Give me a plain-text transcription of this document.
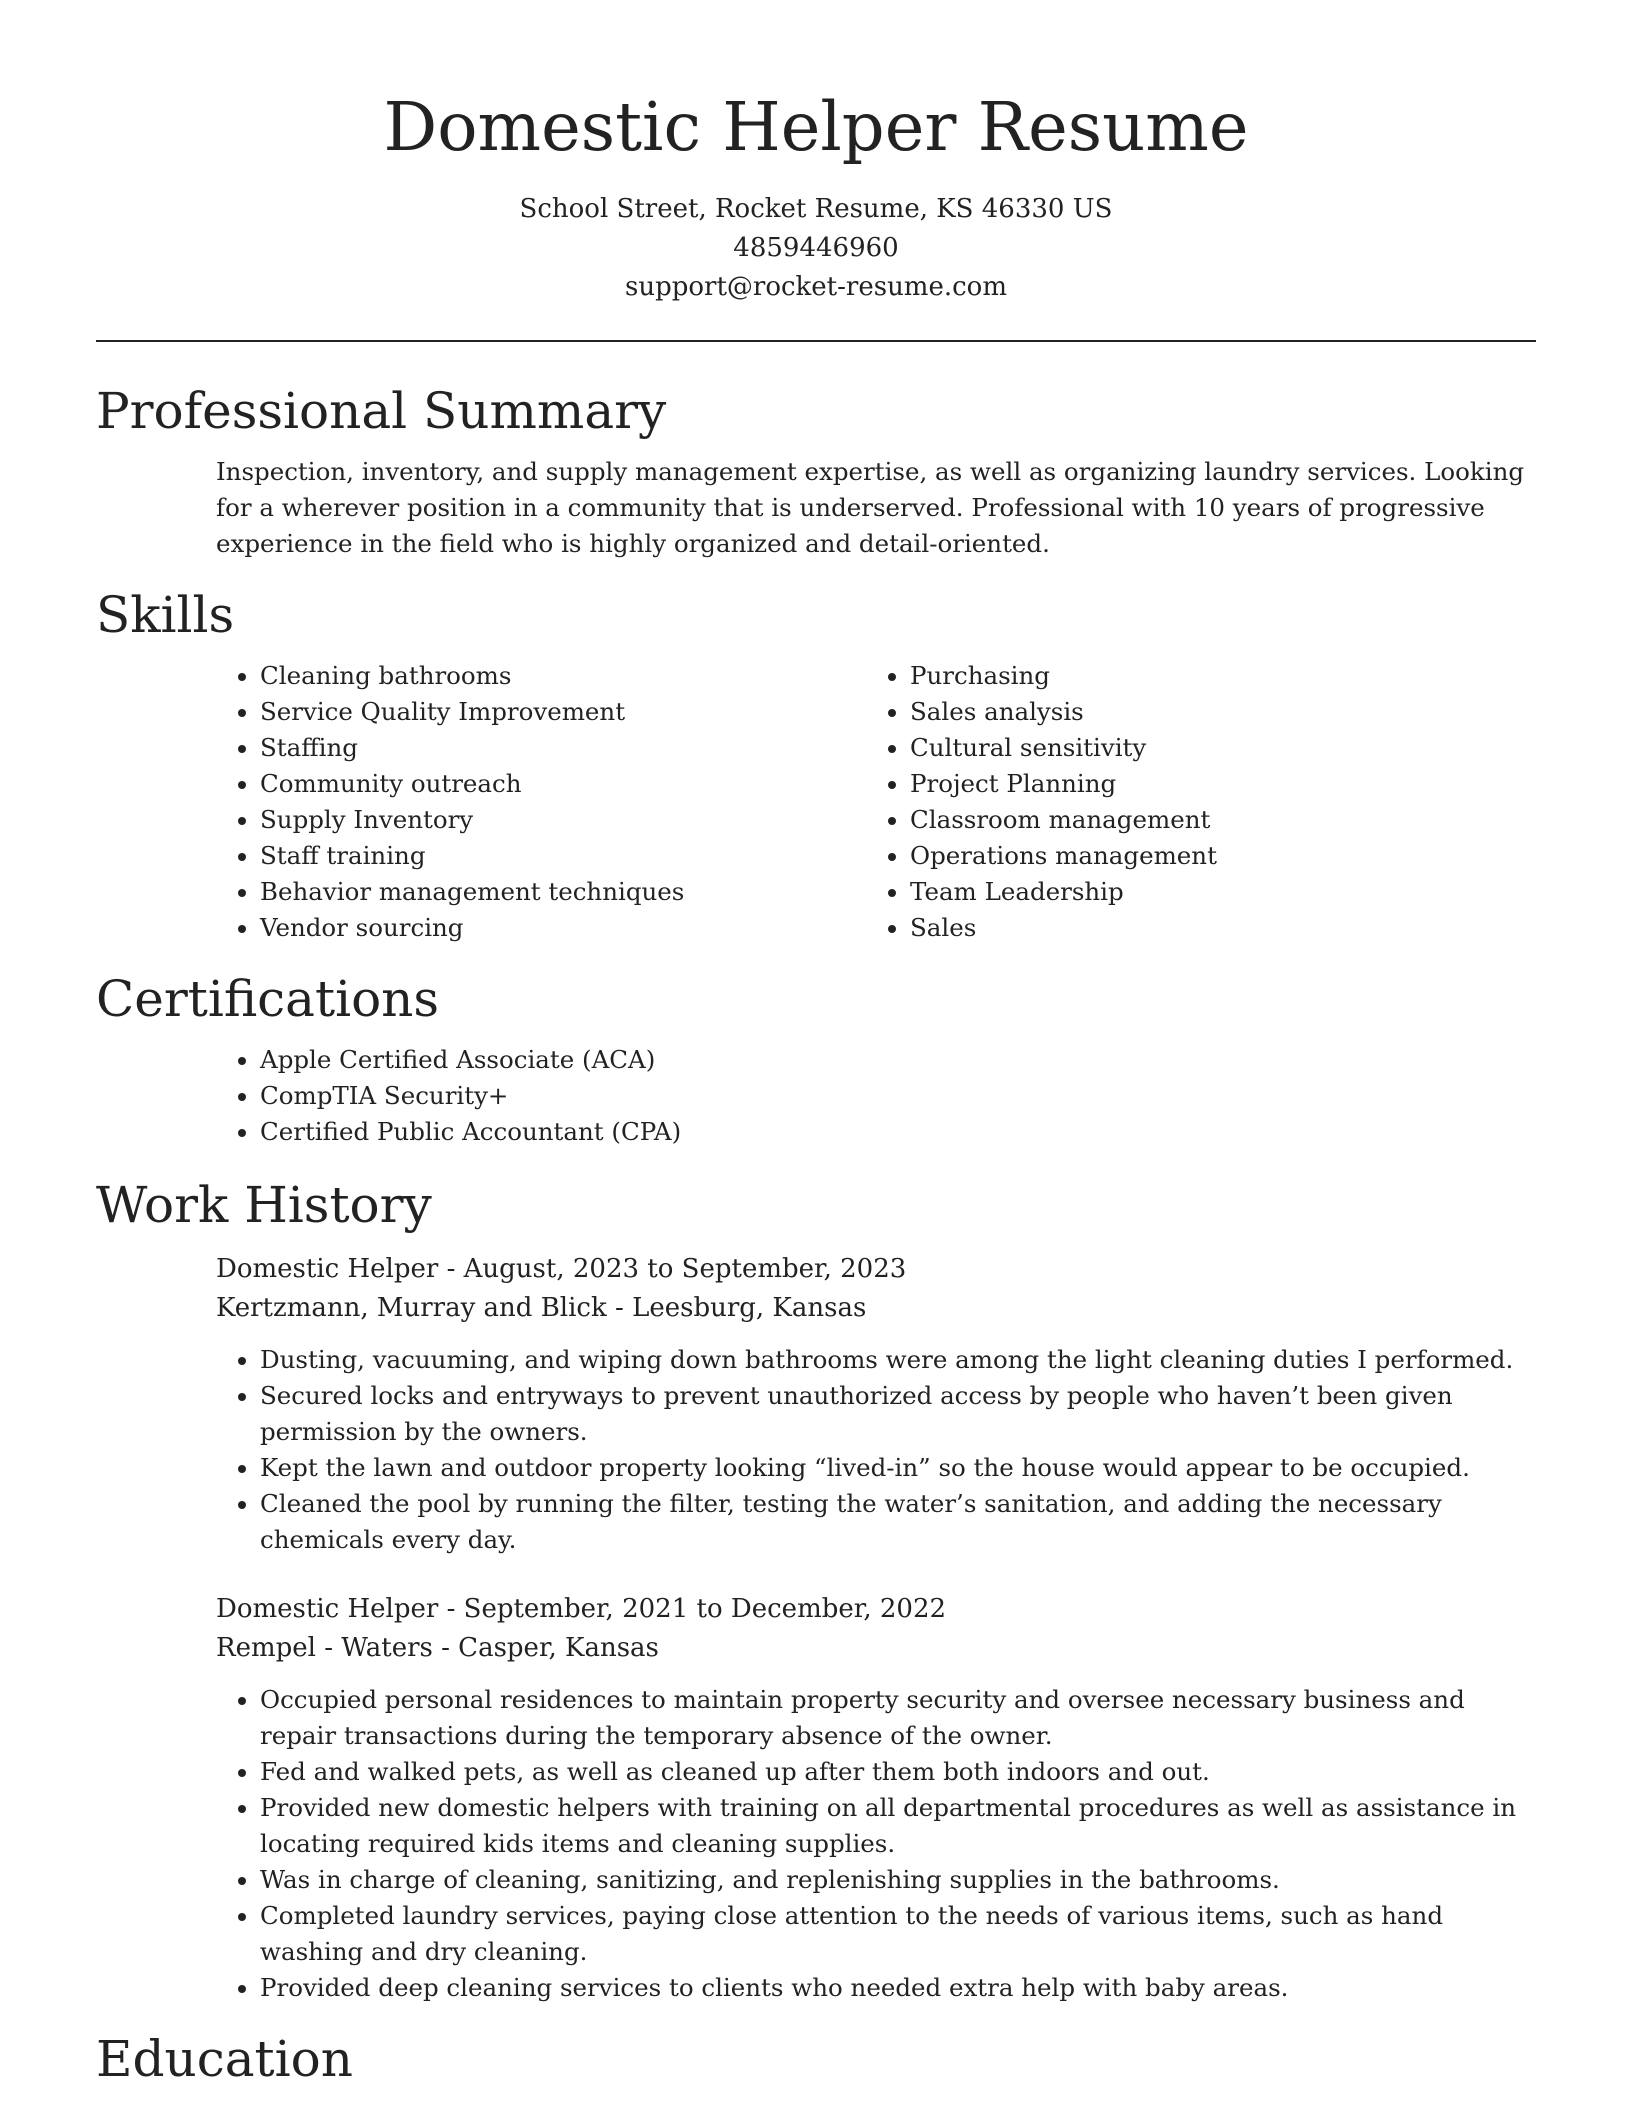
Domestic Helper Resume
School Street, Rocket Resume, KS 46330 US
4859446960
support@rocket-resume.com
Professional Summary

Inspection, inventory, and supply management expertise, as well as organizing laundry services. Looking for a wherever position in a community that is underserved. Professional with 10 years of progressive experience in the field who is highly organized and detail-oriented.

Skills
• Cleaning bathrooms
• Service Quality Improvement
• Staffing
• Community outreach
• Supply Inventory
• Staff training
• Behavior management techniques
• Vendor sourcing
• Purchasing
• Sales analysis
• Cultural sensitivity
• Project Planning
• Classroom management
• Operations management
• Team Leadership
• Sales
Certifications
• Apple Certified Associate (ACA)
• CompTIA Security+
• Certified Public Accountant (CPA)
Work History
Domestic Helper - August, 2023 to September, 2023
Kertzmann, Murray and Blick - Leesburg, Kansas
• Dusting, vacuuming, and wiping down bathrooms were among the light cleaning duties I performed.
• Secured locks and entryways to prevent unauthorized access by people who haven’t been given permission by the owners.
• Kept the lawn and outdoor property looking “lived-in” so the house would appear to be occupied.
• Cleaned the pool by running the filter, testing the water’s sanitation, and adding the necessary chemicals every day.
Domestic Helper - September, 2021 to December, 2022
Rempel - Waters - Casper, Kansas
• Occupied personal residences to maintain property security and oversee necessary business and repair transactions during the temporary absence of the owner.
• Fed and walked pets, as well as cleaned up after them both indoors and out.
• Provided new domestic helpers with training on all departmental procedures as well as assistance in locating required kids items and cleaning supplies.
• Was in charge of cleaning, sanitizing, and replenishing supplies in the bathrooms.
• Completed laundry services, paying close attention to the needs of various items, such as hand washing and dry cleaning.
• Provided deep cleaning services to clients who needed extra help with baby areas.
Education
